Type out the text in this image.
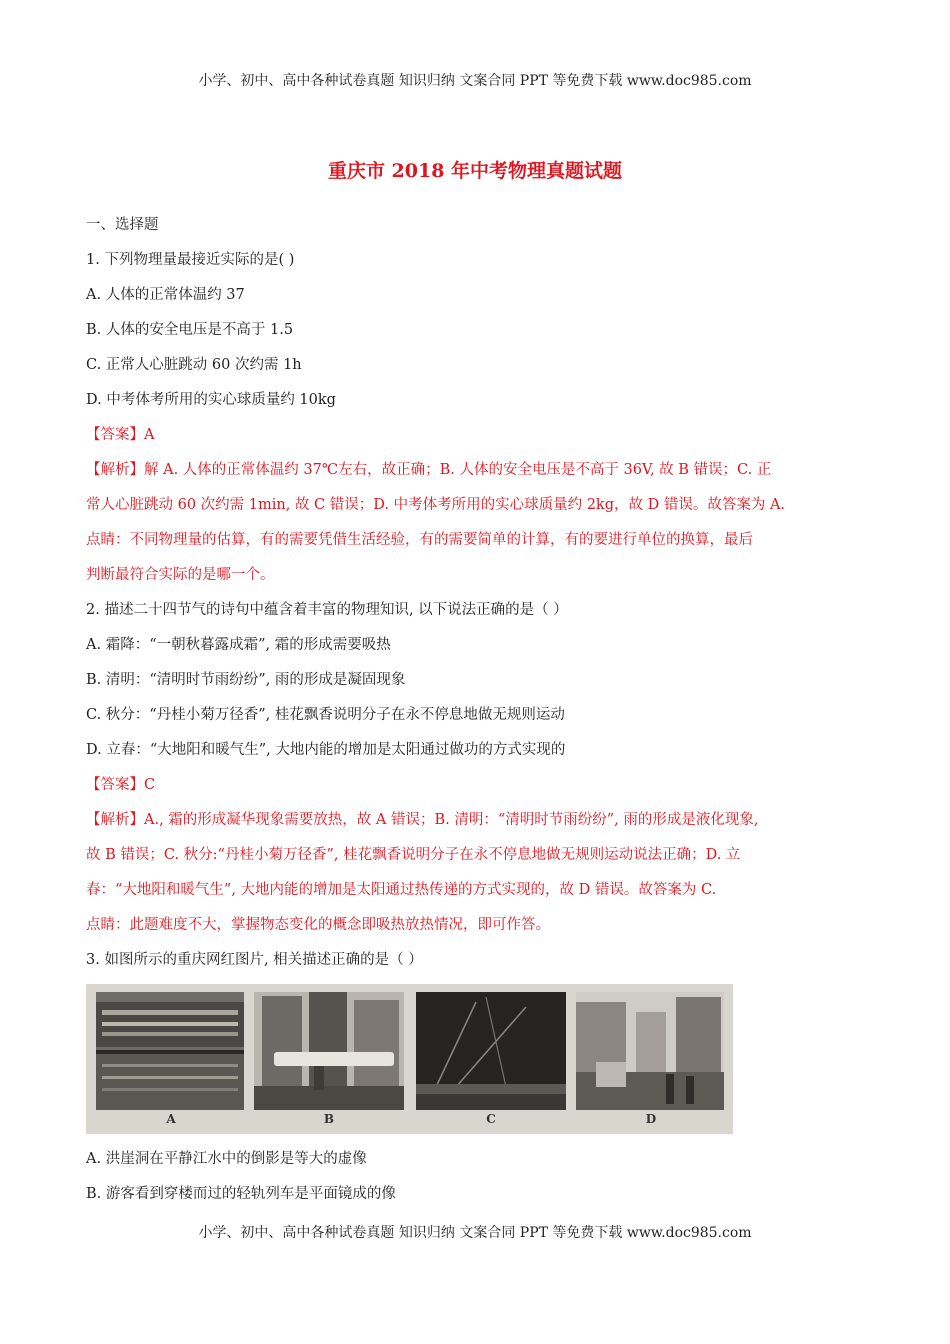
小学、初中、高中各种试卷真题 知识归纳 文案合同 PPT 等免费下载 www.doc985.com
重庆市 2018 年中考物理真题试题
一、选择题
1. 下列物理量最接近实际的是( )
A. 人体的正常体温约 37
B. 人体的安全电压是不高于 1.5
C. 正常人心脏跳动 60 次约需 1h
D. 中考体考所用的实心球质量约 10kg
【答案】A
【解析】解 A. 人体的正常体温约 37℃左右，故正确；B. 人体的安全电压是不高于 36V, 故 B 错误；C. 正
常人心脏跳动 60 次约需 1min, 故 C 错误；D. 中考体考所用的实心球质量约 2kg，故 D 错误。故答案为 A.
点睛：不同物理量的估算，有的需要凭借生活经验，有的需要简单的计算，有的要进行单位的换算，最后
判断最符合实际的是哪一个。
2. 描述二十四节气的诗句中蕴含着丰富的物理知识, 以下说法正确的是（ ）
A. 霜降：“一朝秋暮露成霜”, 霜的形成需要吸热
B. 清明：“清明时节雨纷纷”, 雨的形成是凝固现象
C. 秋分：“丹桂小菊万径香”, 桂花飘香说明分子在永不停息地做无规则运动
D. 立春：“大地阳和暖气生”, 大地内能的增加是太阳通过做功的方式实现的
【答案】C
【解析】A., 霜的形成凝华现象需要放热，故 A 错误；B. 清明：“清明时节雨纷纷”, 雨的形成是液化现象,
故 B 错误；C. 秋分:“丹桂小菊万径香”, 桂花飘香说明分子在永不停息地做无规则运动说法正确；D. 立
春：“大地阳和暖气生”, 大地内能的增加是太阳通过热传递的方式实现的，故 D 错误。故答案为 C.
点睛：此题难度不大，掌握物态变化的概念即吸热放热情况，即可作答。
3. 如图所示的重庆网红图片, 相关描述正确的是（ ）
A	B	C	D
A. 洪崖洞在平静江水中的倒影是等大的虚像
B. 游客看到穿楼而过的轻轨列车是平面镜成的像
小学、初中、高中各种试卷真题 知识归纳 文案合同 PPT 等免费下载 www.doc985.com
